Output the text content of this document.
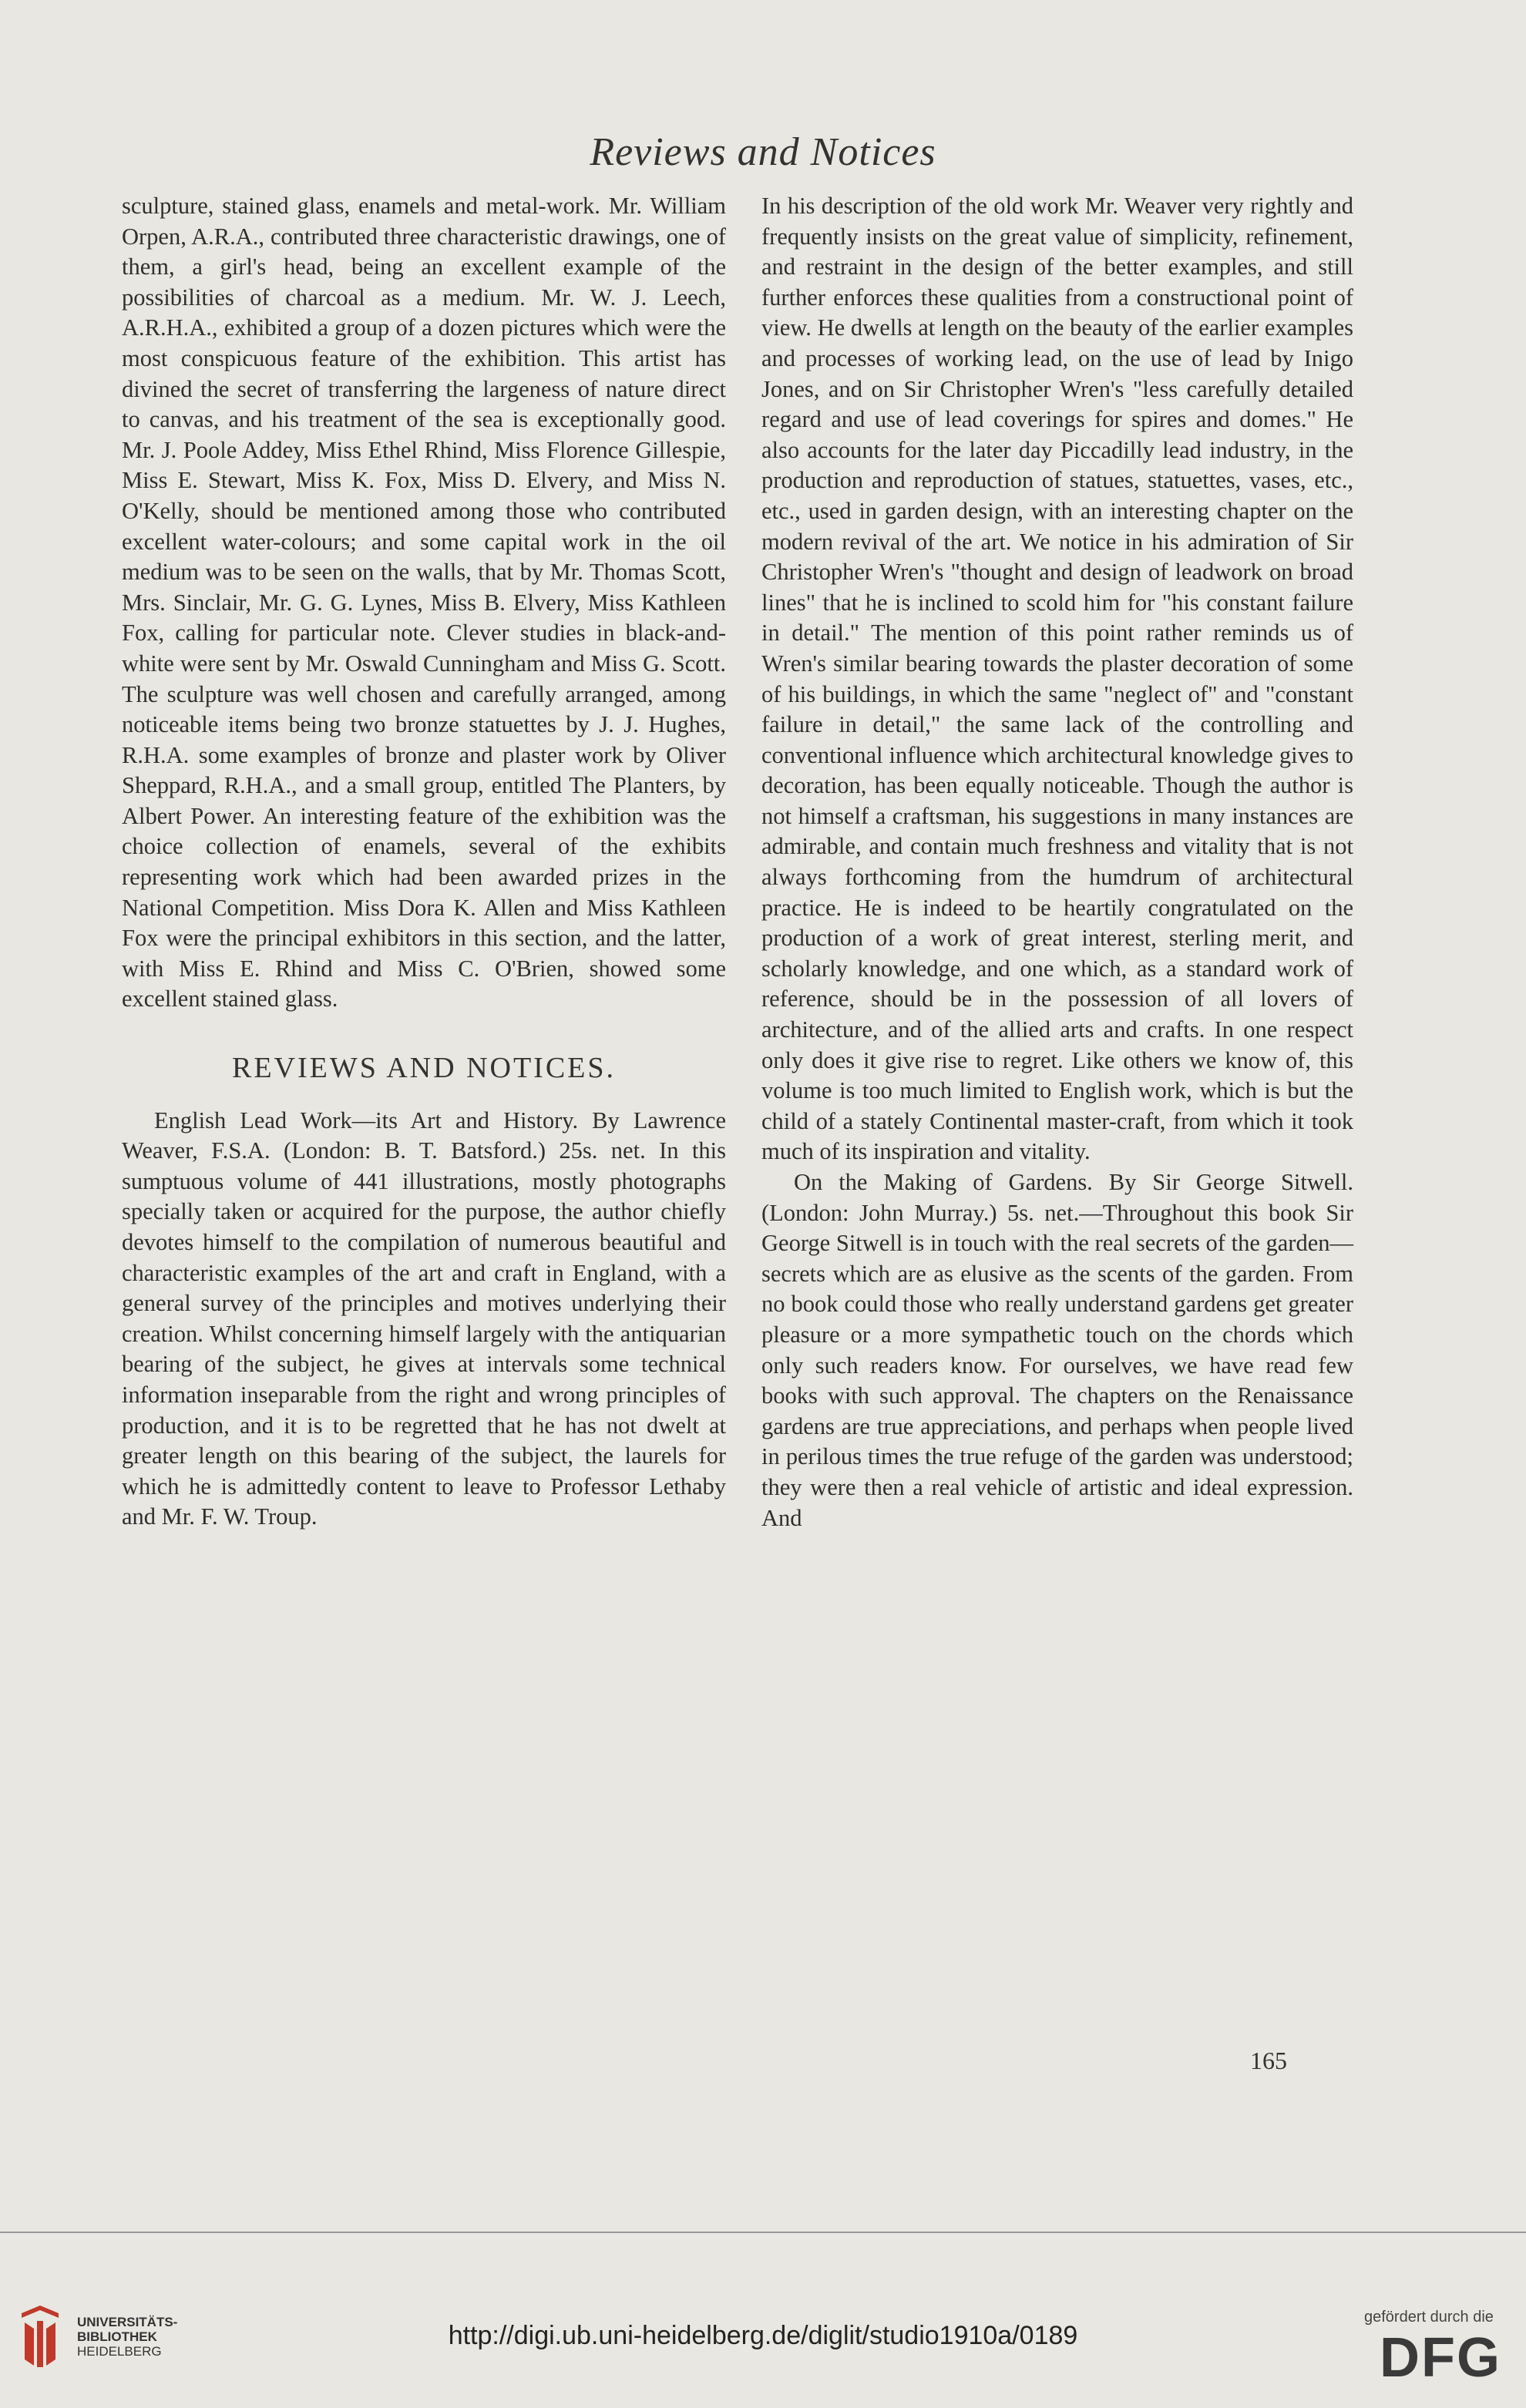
Reviews and Notices

sculpture, stained glass, enamels and metal-work. Mr. William Orpen, A.R.A., contributed three characteristic drawings, one of them, a girl's head, being an excellent example of the possibilities of charcoal as a medium. Mr. W. J. Leech, A.R.H.A., exhibited a group of a dozen pictures which were the most conspicuous feature of the exhibition. This artist has divined the secret of transferring the largeness of nature direct to canvas, and his treatment of the sea is exceptionally good. Mr. J. Poole Addey, Miss Ethel Rhind, Miss Florence Gillespie, Miss E. Stewart, Miss K. Fox, Miss D. Elvery, and Miss N. O'Kelly, should be mentioned among those who contributed excellent water-colours; and some capital work in the oil medium was to be seen on the walls, that by Mr. Thomas Scott, Mrs. Sinclair, Mr. G. G. Lynes, Miss B. Elvery, Miss Kathleen Fox, calling for particular note. Clever studies in black-and-white were sent by Mr. Oswald Cunningham and Miss G. Scott. The sculpture was well chosen and carefully arranged, among noticeable items being two bronze statuettes by J. J. Hughes, R.H.A. some examples of bronze and plaster work by Oliver Sheppard, R.H.A., and a small group, entitled The Planters, by Albert Power. An interesting feature of the exhibition was the choice collection of enamels, several of the exhibits representing work which had been awarded prizes in the National Competition. Miss Dora K. Allen and Miss Kathleen Fox were the principal exhibitors in this section, and the latter, with Miss E. Rhind and Miss C. O'Brien, showed some excellent stained glass.

REVIEWS AND NOTICES.

English Lead Work—its Art and History. By Lawrence Weaver, F.S.A. (London: B. T. Batsford.) 25s. net. In this sumptuous volume of 441 illustrations, mostly photographs specially taken or acquired for the purpose, the author chiefly devotes himself to the compilation of numerous beautiful and characteristic examples of the art and craft in England, with a general survey of the principles and motives underlying their creation. Whilst concerning himself largely with the antiquarian bearing of the subject, he gives at intervals some technical information inseparable from the right and wrong principles of production, and it is to be regretted that he has not dwelt at greater length on this bearing of the subject, the laurels for which he is admittedly content to leave to Professor Lethaby and Mr. F. W. Troup.

In his description of the old work Mr. Weaver very rightly and frequently insists on the great value of simplicity, refinement, and restraint in the design of the better examples, and still further enforces these qualities from a constructional point of view. He dwells at length on the beauty of the earlier examples and processes of working lead, on the use of lead by Inigo Jones, and on Sir Christopher Wren's "less carefully detailed regard and use of lead coverings for spires and domes." He also accounts for the later day Piccadilly lead industry, in the production and reproduction of statues, statuettes, vases, etc., etc., used in garden design, with an interesting chapter on the modern revival of the art. We notice in his admiration of Sir Christopher Wren's "thought and design of leadwork on broad lines" that he is inclined to scold him for "his constant failure in detail." The mention of this point rather reminds us of Wren's similar bearing towards the plaster decoration of some of his buildings, in which the same "neglect of" and "constant failure in detail," the same lack of the controlling and conventional influence which architectural knowledge gives to decoration, has been equally noticeable. Though the author is not himself a craftsman, his suggestions in many instances are admirable, and contain much freshness and vitality that is not always forthcoming from the humdrum of architectural practice. He is indeed to be heartily congratulated on the production of a work of great interest, sterling merit, and scholarly knowledge, and one which, as a standard work of reference, should be in the possession of all lovers of architecture, and of the allied arts and crafts. In one respect only does it give rise to regret. Like others we know of, this volume is too much limited to English work, which is but the child of a stately Continental master-craft, from which it took much of its inspiration and vitality.

On the Making of Gardens. By Sir George Sitwell. (London: John Murray.) 5s. net.—Throughout this book Sir George Sitwell is in touch with the real secrets of the garden—secrets which are as elusive as the scents of the garden. From no book could those who really understand gardens get greater pleasure or a more sympathetic touch on the chords which only such readers know. For ourselves, we have read few books with such approval. The chapters on the Renaissance gardens are true appreciations, and perhaps when people lived in perilous times the true refuge of the garden was understood; they were then a real vehicle of artistic and ideal expression. And

165
UNIVERSITÄTS-
BIBLIOTHEK
HEIDELBERG
http://digi.ub.uni-heidelberg.de/diglit/studio1910a/0189
gefördert durch die
DFG
